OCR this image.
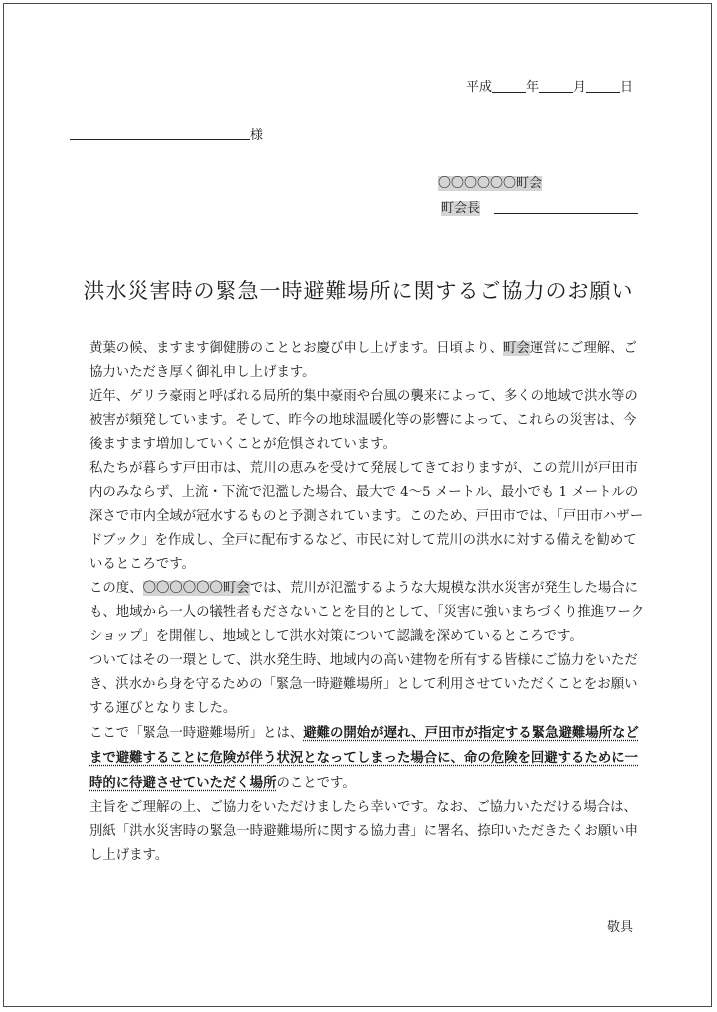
平成	年	月	日
様
〇〇〇〇〇〇町会
町会長
洪水災害時の緊急一時避難場所に関するご協力のお願い

黄葉の候、ますます御健勝のこととお慶び申し上げます。日頃より、町会運営にご理解、ご協力いただき厚く御礼申し上げます。

近年、ゲリラ豪雨と呼ばれる局所的集中豪雨や台風の襲来によって、多くの地域で洪水等の被害が頻発しています。そして、昨今の地球温暖化等の影響によって、これらの災害は、今後ますます増加していくことが危惧されています。

私たちが暮らす戸田市は、荒川の恵みを受けて発展してきておりますが、この荒川が戸田市内のみならず、上流・下流で氾濫した場合、最大で 4～5 メートル、最小でも 1 メートルの深さで市内全域が冠水するものと予測されています。このため、戸田市では、「戸田市ハザードブック」を作成し、全戸に配布するなど、市民に対して荒川の洪水に対する備えを勧めているところです。

この度、〇〇〇〇〇〇町会では、荒川が氾濫するような大規模な洪水災害が発生した場合にも、地域から一人の犠牲者もださないことを目的として、「災害に強いまちづくり推進ワークショップ」を開催し、地域として洪水対策について認識を深めているところです。

ついてはその一環として、洪水発生時、地域内の高い建物を所有する皆様にご協力をいただき、洪水から身を守るための「緊急一時避難場所」として利用させていただくことをお願いする運びとなりました。

ここで「緊急一時避難場所」とは、避難の開始が遅れ、戸田市が指定する緊急避難場所などまで避難することに危険が伴う状況となってしまった場合に、命の危険を回避するために一時的に待避させていただく場所のことです。

主旨をご理解の上、ご協力をいただけましたら幸いです。なお、ご協力いただける場合は、別紙「洪水災害時の緊急一時避難場所に関する協力書」に署名、捺印いただきたくお願い申し上げます。

敬具
